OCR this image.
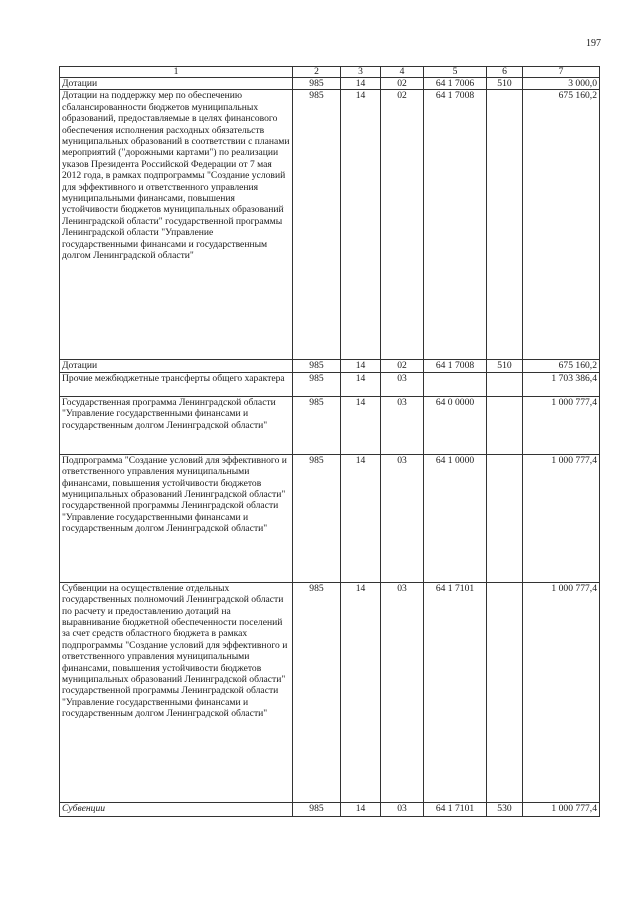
197
1	2	3	4	5	6	7
Дотации	985	14	02	64 1 7006	510	3 000,0
Дотации на поддержку мер по обеспечению сбалансированности бюджетов муниципальных образований, предоставляемые в целях финансового обеспечения исполнения расходных обязательств муниципальных образований в соответствии с планами мероприятий ("дорожными картами") по реализации указов Президента Российской Федерации от 7 мая 2012 года, в рамках подпрограммы "Создание условий для эффективного и ответственного управления муниципальными финансами, повышения устойчивости бюджетов муниципальных образований Ленинградской области" государственной программы Ленинградской области "Управление государственными финансами и государственным долгом Ленинградской области"	985	14	02	64 1 7008		675 160,2
Дотации	985	14	02	64 1 7008	510	675 160,2
Прочие межбюджетные трансферты общего характера	985	14	03			1 703 386,4
Государственная программа Ленинградской области "Управление государственными финансами и государственным долгом Ленинградской области"	985	14	03	64 0 0000		1 000 777,4
Подпрограмма "Создание условий для эффективного и ответственного управления муниципальными финансами, повышения устойчивости бюджетов муниципальных образований Ленинградской области" государственной программы Ленинградской области "Управление государственными финансами и государственным долгом Ленинградской области"	985	14	03	64 1 0000		1 000 777,4
Субвенции на осуществление отдельных государственных полномочий Ленинградской области по расчету и предоставлению дотаций на выравнивание бюджетной обеспеченности поселений за счет средств областного бюджета в рамках подпрограммы "Создание условий для эффективного и ответственного управления муниципальными финансами, повышения устойчивости бюджетов муниципальных образований Ленинградской области" государственной программы Ленинградской области "Управление государственными финансами и государственным долгом Ленинградской области"	985	14	03	64 1 7101		1 000 777,4
Субвенции	985	14	03	64 1 7101	530	1 000 777,4
